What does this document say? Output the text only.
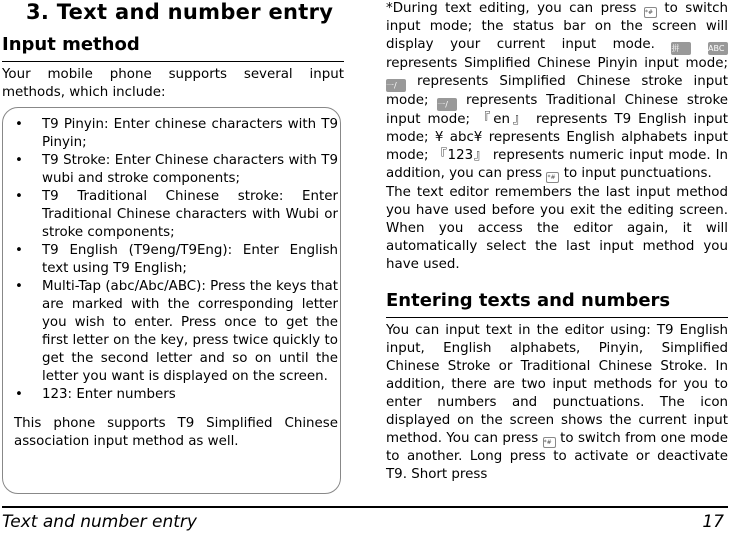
3. Text and number entry
Input method
Your mobile phone supports several input methods, which include:
• T9 Pinyin: Enter chinese characters with T9 Pinyin;
• T9 Stroke: Enter Chinese characters with T9 wubi and stroke components;
• T9 Traditional Chinese stroke: Enter Traditional Chinese characters with Wubi or stroke components;
• T9 English (T9eng/T9Eng): Enter English text using T9 English;
• Multi-Tap (abc/Abc/ABC): Press the keys that are marked with the corresponding letter you wish to enter. Press once to get the first letter on the key, press twice quickly to get the second letter and so on until the letter you want is displayed on the screen.
• 123: Enter numbers
This phone supports T9 Simplified Chinese association input method as well.
*During text editing, you can press *# to switch input mode; the status bar on the screen will display your current input mode. 拼	ABC represents Simplified Chinese Pinyin input mode; 一/ represents Simplified Chinese stroke input mode; 一/ represents Traditional Chinese stroke input mode; 『en』 represents T9 English input mode; ¥ abc¥ represents English alphabets input mode; 『123』 represents numeric input mode. In addition, you can press *# to input punctuations.
The text editor remembers the last input method you have used before you exit the editing screen. When you access the editor again, it will automatically select the last input method you have used.
Entering texts and numbers
You can input text in the editor using: T9 English input, English alphabets, Pinyin, Simplified Chinese Stroke or Traditional Chinese Stroke. In addition, there are two input methods for you to enter numbers and punctuations. The icon displayed on the screen shows the current input method. You can press *# to switch from one mode to another. Long press to activate or deactivate T9. Short press
Text and number entry	17
